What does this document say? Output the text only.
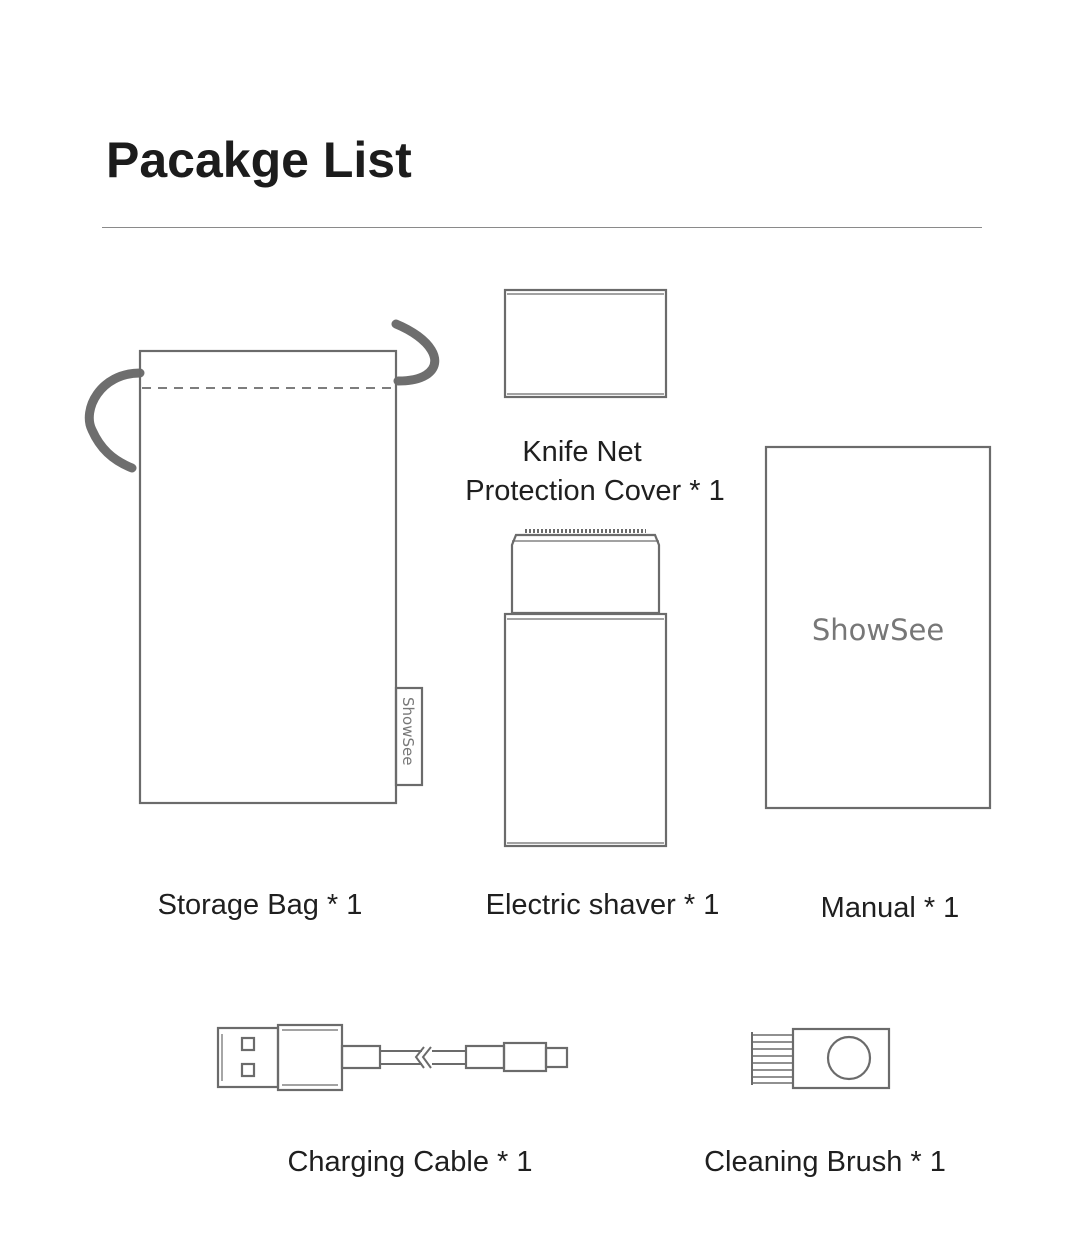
Pacakge List
ShowSee
ShowSee
Knife Net
Protection Cover * 1
Storage Bag * 1	Electric shaver * 1	Manual * 1
Charging Cable * 1	Cleaning Brush * 1
